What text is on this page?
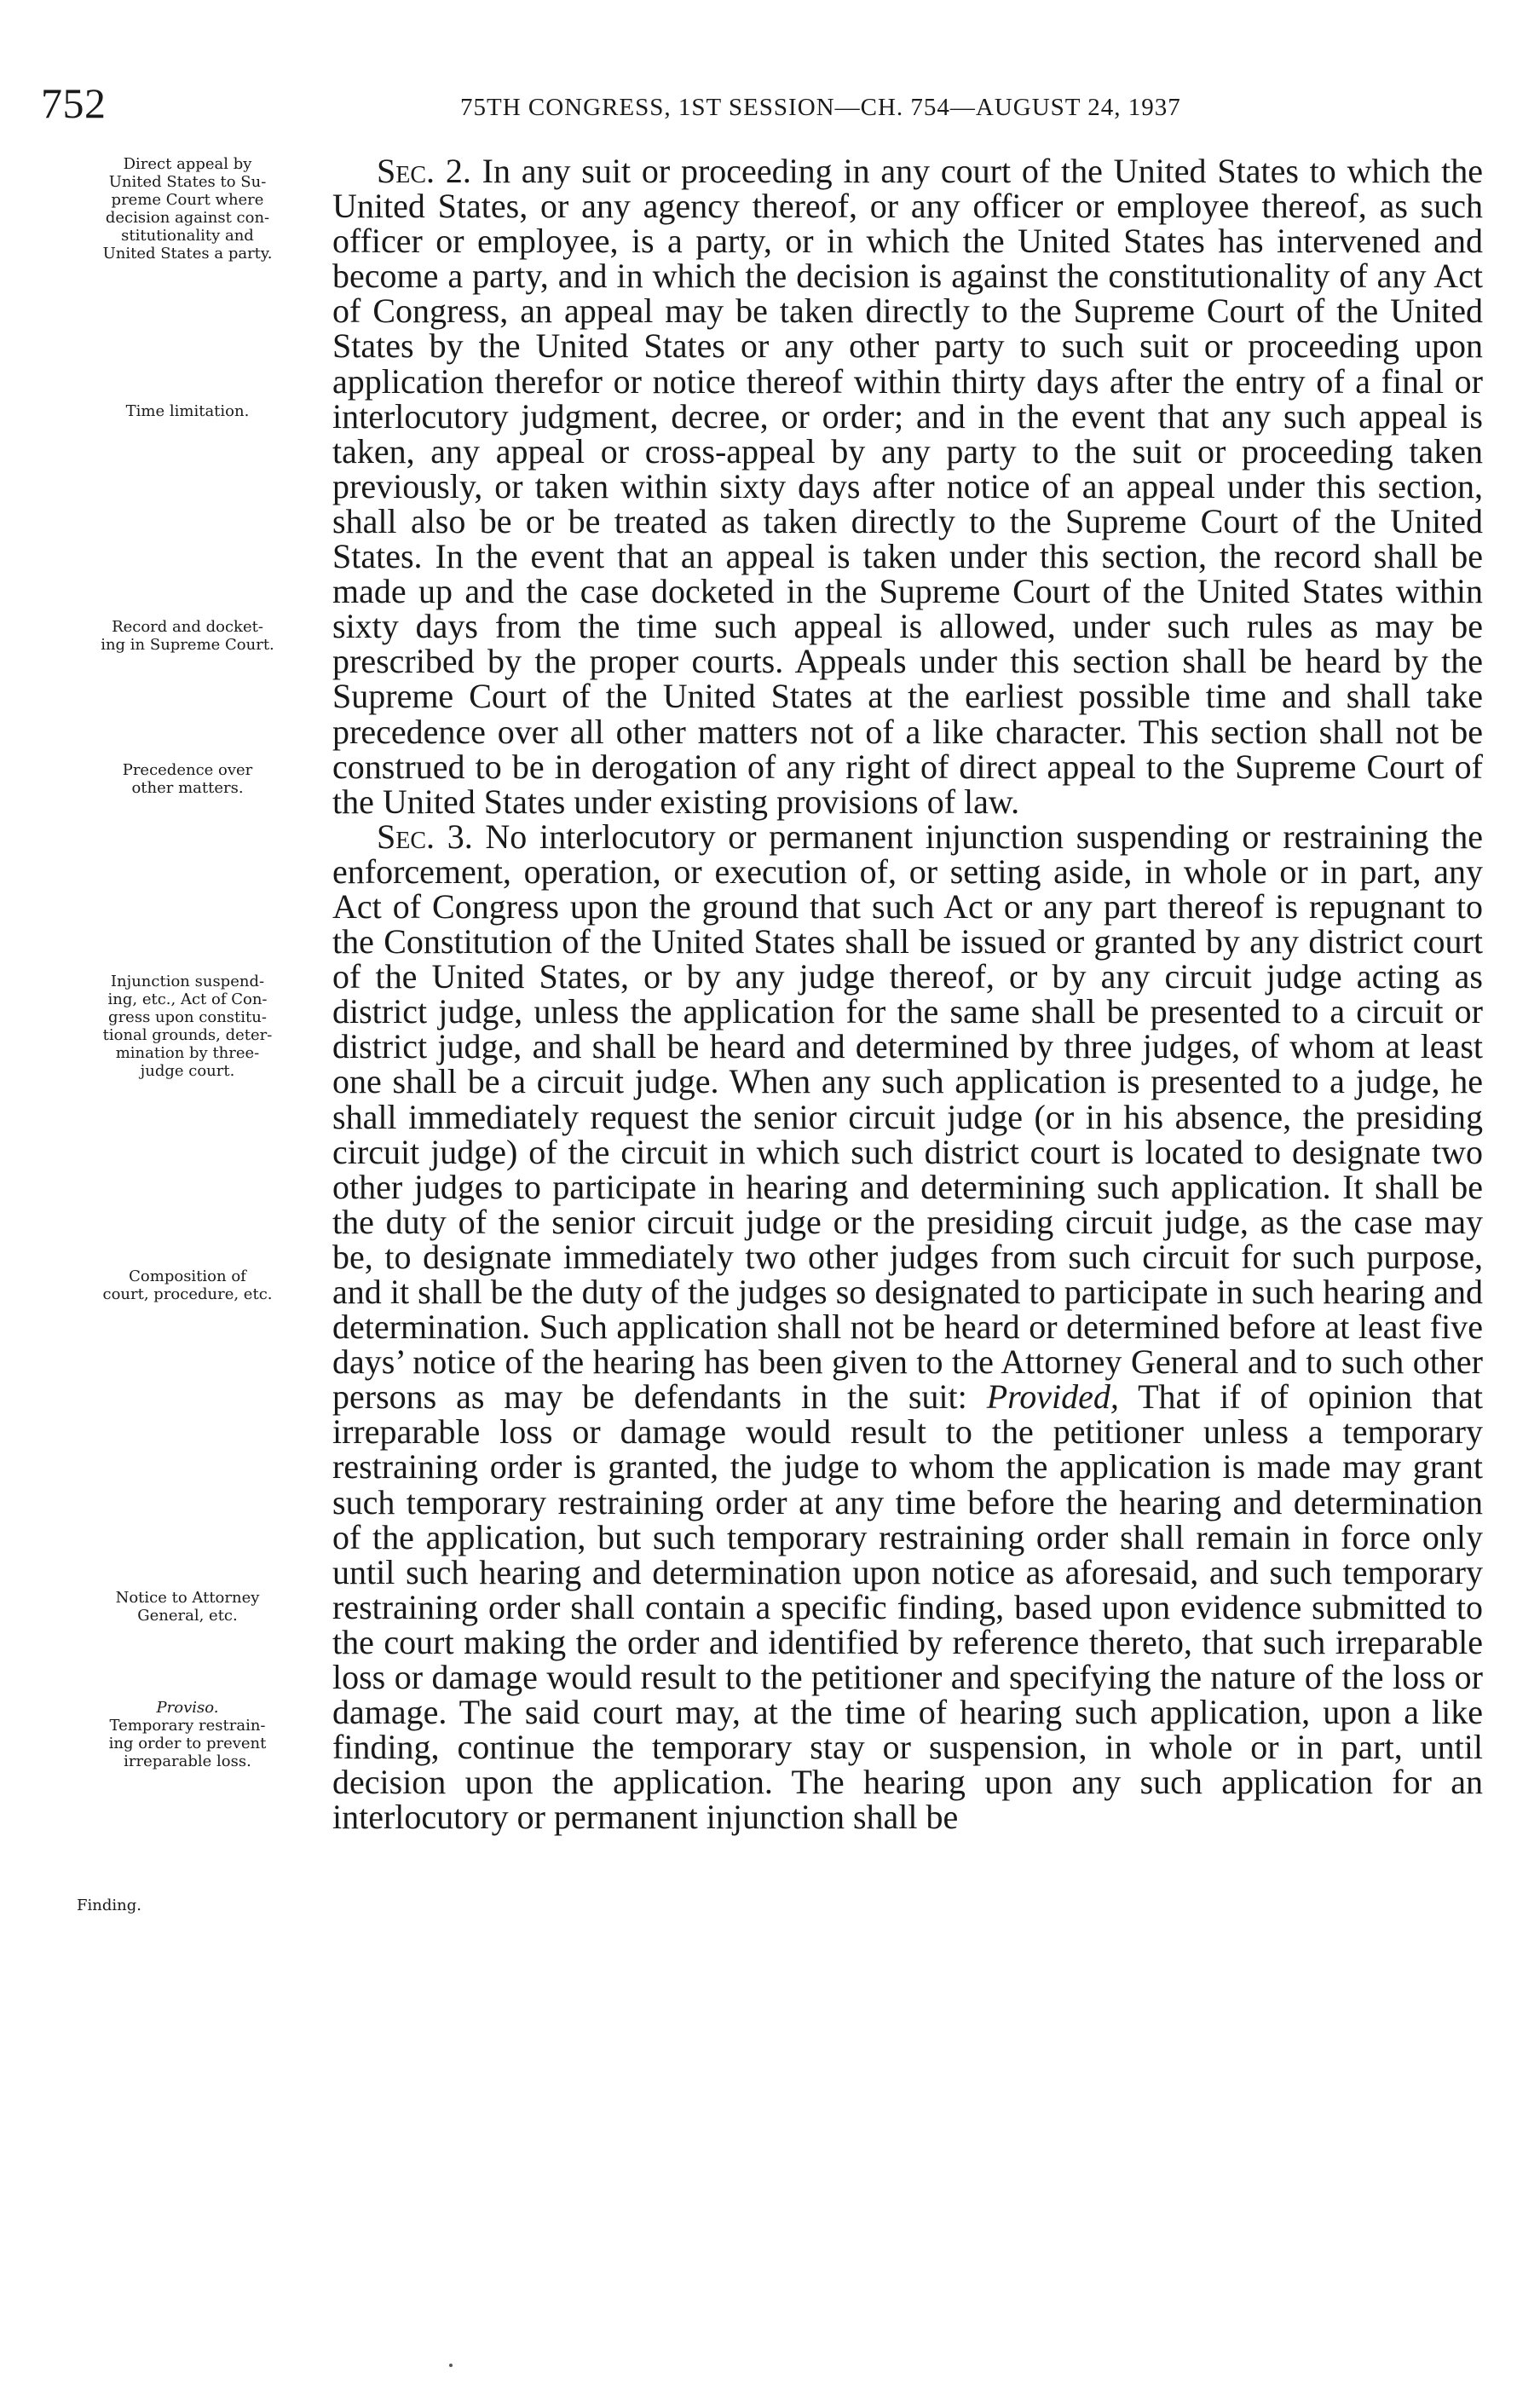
752	75TH CONGRESS, 1ST SESSION—CH. 754—AUGUST 24, 1937
Direct appeal by
United States to Su-
preme Court where
decision against con-
stitutionality and
United States a party.
Time limitation.
Record and docket-
ing in Supreme Court.
Precedence over
other matters.
Injunction suspend-
ing, etc., Act of Con-
gress upon constitu-
tional grounds, deter-
mination by three-
judge court.
Composition of
court, procedure, etc.
Notice to Attorney
General, etc.
Proviso.
Temporary restrain-
ing order to prevent
irreparable loss.
Finding.

Sec. 2. In any suit or proceeding in any court of the United States to which the United States, or any agency thereof, or any officer or employee thereof, as such officer or employee, is a party, or in which the United States has intervened and become a party, and in which the decision is against the constitutionality of any Act of Congress, an appeal may be taken directly to the Supreme Court of the United States by the United States or any other party to such suit or proceeding upon application therefor or notice thereof within thirty days after the entry of a final or interlocutory judgment, decree, or order; and in the event that any such appeal is taken, any appeal or cross-appeal by any party to the suit or proceeding taken previously, or taken within sixty days after notice of an appeal under this section, shall also be or be treated as taken directly to the Supreme Court of the United States. In the event that an appeal is taken under this section, the record shall be made up and the case docketed in the Supreme Court of the United States within sixty days from the time such appeal is allowed, under such rules as may be prescribed by the proper courts. Appeals under this section shall be heard by the Supreme Court of the United States at the earliest possible time and shall take precedence over all other matters not of a like character. This section shall not be construed to be in derogation of any right of direct appeal to the Supreme Court of the United States under existing provisions of law.

Sec. 3. No interlocutory or permanent injunction suspending or restraining the enforcement, operation, or execution of, or setting aside, in whole or in part, any Act of Congress upon the ground that such Act or any part thereof is repugnant to the Constitution of the United States shall be issued or granted by any district court of the United States, or by any judge thereof, or by any circuit judge acting as district judge, unless the application for the same shall be presented to a circuit or district judge, and shall be heard and determined by three judges, of whom at least one shall be a circuit judge. When any such application is presented to a judge, he shall immediately request the senior circuit judge (or in his absence, the presiding circuit judge) of the circuit in which such district court is located to designate two other judges to participate in hearing and determining such application. It shall be the duty of the senior circuit judge or the presiding circuit judge, as the case may be, to designate immediately two other judges from such circuit for such purpose, and it shall be the duty of the judges so designated to participate in such hearing and determination. Such application shall not be heard or determined before at least five days’ notice of the hearing has been given to the Attorney General and to such other persons as may be defendants in the suit: Provided, That if of opinion that irreparable loss or damage would result to the petitioner unless a temporary restraining order is granted, the judge to whom the application is made may grant such temporary restraining order at any time before the hearing and determination of the application, but such temporary restraining order shall remain in force only until such hearing and determination upon notice as aforesaid, and such temporary restraining order shall contain a specific finding, based upon evidence submitted to the court making the order and identified by reference thereto, that such irreparable loss or damage would result to the petitioner and specifying the nature of the loss or damage. The said court may, at the time of hearing such application, upon a like finding, continue the temporary stay or suspension, in whole or in part, until decision upon the application. The hearing upon any such application for an interlocutory or permanent injunction shall be
